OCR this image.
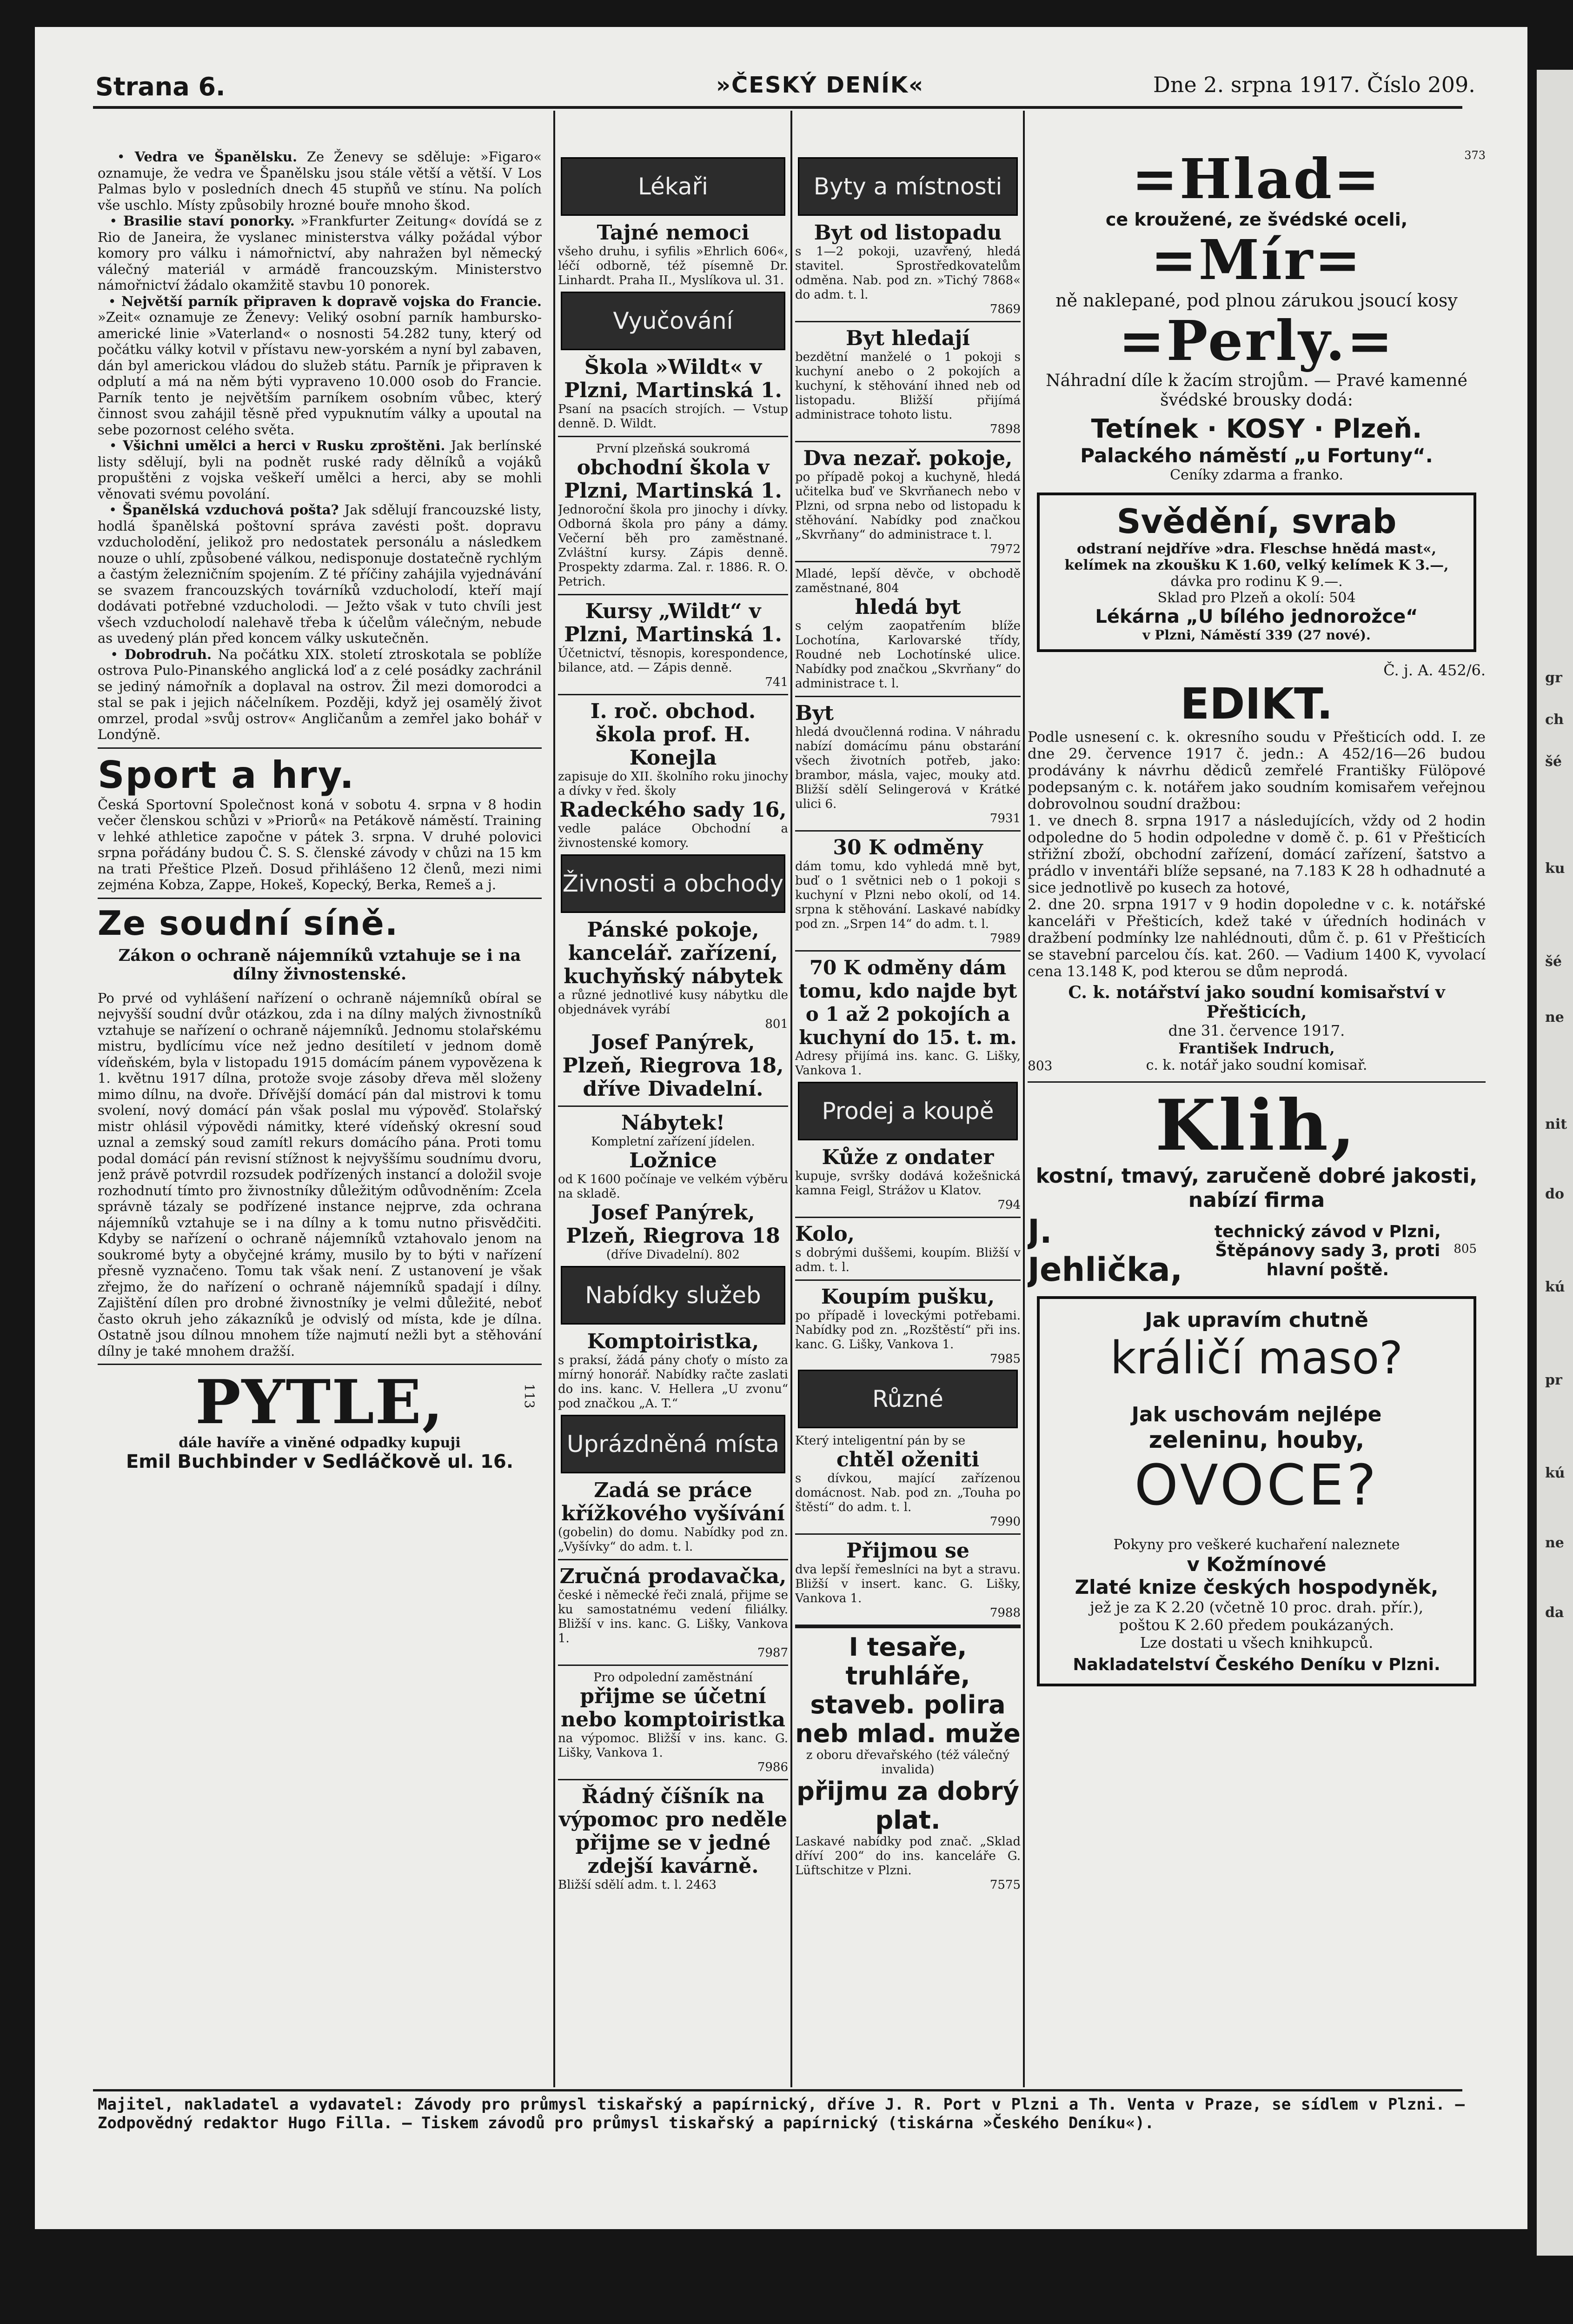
Strana 6.	»ČESKÝ DENÍK«	Dne 2. srpna 1917. Číslo 209.

• Vedra ve Španělsku. Ze Ženevy se sděluje: »Figaro« oznamuje, že vedra ve Španělsku jsou stále větší a větší. V Los Palmas bylo v posledních dnech 45 stupňů ve stínu. Na polích vše uschlo. Místy způsobily hrozné bouře mnoho škod.

• Brasilie staví ponorky. »Frankfurter Zeitung« dovídá se z Rio de Janeira, že vyslanec ministerstva války požádal výbor komory pro válku i námořnictví, aby nahražen byl německý válečný materiál v armádě francouzským. Ministerstvo námořnictví žádalo okamžitě stavbu 10 ponorek.

• Největší parník připraven k dopravě vojska do Francie. »Zeit« oznamuje ze Ženevy: Veliký osobní parník hambursko-americké linie »Vaterland« o nosnosti 54.282 tuny, který od počátku války kotvil v přístavu new-yorském a nyní byl zabaven, dán byl americkou vládou do služeb státu. Parník je připraven k odplutí a má na něm býti vypraveno 10.000 osob do Francie. Parník tento je největším parníkem osobním vůbec, který činnost svou zahájil těsně před vypuknutím války a upoutal na sebe pozornost celého světa.

• Všichni umělci a herci v Rusku zproštěni. Jak berlínské listy sdělují, byli na podnět ruské rady dělníků a vojáků propuštěni z vojska veškeří umělci a herci, aby se mohli věnovati svému povolání.

• Španělská vzduchová pošta? Jak sdělují francouzské listy, hodlá španělská poštovní správa zavésti pošt. dopravu vzducholodění, jelikož pro nedostatek personálu a následkem nouze o uhlí, způsobené válkou, nedisponuje dostatečně rychlým a častým železničním spojením. Z té příčiny zahájila vyjednávání se svazem francouzských továrníků vzducholodí, kteří mají dodávati potřebné vzducholodi. — Ježto však v tuto chvíli jest všech vzducholodí nalehavě třeba k účelům válečným, nebude as uvedený plán před koncem války uskutečněn.

• Dobrodruh. Na počátku XIX. století ztroskotala se poblíže ostrova Pulo-Pinanského anglická loď a z celé posádky zachránil se jediný námořník a doplaval na ostrov. Žil mezi domorodci a stal se pak i jejich náčelníkem. Později, když jej osamělý život omrzel, prodal »svůj ostrov« Angličanům a zemřel jako bohář v Londýně.

Sport a hry.

Česká Sportovní Společnost koná v sobotu 4. srpna v 8 hodin večer členskou schůzi v »Priorů« na Petákově náměstí. Training v lehké athletice započne v pátek 3. srpna. V druhé polovici srpna pořádány budou Č. S. S. členské závody v chůzi na 15 km na trati Přeštice Plzeň. Dosud přihlášeno 12 členů, mezi nimi zejména Kobza, Zappe, Hokeš, Kopecký, Berka, Remeš a j.

Ze soudní síně.

Zákon o ochraně nájemníků vztahuje se i na dílny živnostenské.

Po prvé od vyhlášení nařízení o ochraně nájemníků obíral se nejvyšší soudní dvůr otázkou, zda i na dílny malých živnostníků vztahuje se nařízení o ochraně nájemníků. Jednomu stolařskému mistru, bydlícímu více než jedno desítiletí v jednom domě vídeňském, byla v listopadu 1915 domácím pánem vypovězena k 1. květnu 1917 dílna, protože svoje zásoby dřeva měl složeny mimo dílnu, na dvoře. Dřívější domácí pán dal mistrovi k tomu svolení, nový domácí pán však poslal mu výpověď. Stolařský mistr ohlásil výpovědi námitky, které vídeňský okresní soud uznal a zemský soud zamítl rekurs domácího pána. Proti tomu podal domácí pán revisní stížnost k nejvyššímu soudnímu dvoru, jenž právě potvrdil rozsudek podřízených instancí a doložil svoje rozhodnutí tímto pro živnostníky důležitým odůvodněním: Zcela správně tázaly se podřízené instance nejprve, zda ochrana nájemníků vztahuje se i na dílny a k tomu nutno přisvědčiti. Kdyby se nařízení o ochraně nájemníků vztahovalo jenom na soukromé byty a obyčejné krámy, musilo by to býti v nařízení přesně vyznačeno. Tomu tak však není. Z ustanovení je však zřejmo, že do nařízení o ochraně nájemníků spadají i dílny. Zajištění dílen pro drobné živnostníky je velmi důležité, neboť často okruh jeho zákazníků je odvislý od místa, kde je dílna. Ostatně jsou dílnou mnohem tíže najmutí nežli byt a stěhování dílny je také mnohem dražší.

PYTLE,	113

dále havíře a viněné odpadky kupuji

Emil Buchbinder v Sedláčkově ul. 16.

Lékaři

Tajné nemoci

všeho druhu, i syfilis »Ehrlich 606«, léčí odborně, též písemně Dr. Linhardt. Praha II., Myslíkova ul. 31.

Vyučování

Škola »Wildt« v Plzni, Martinská 1.

Psaní na psacích strojích. — Vstup denně. D. Wildt.

První plzeňská soukromá

obchodní škola v Plzni, Martinská 1.

Jednoroční škola pro jinochy i dívky. Odborná škola pro pány a dámy. Večerní běh pro zaměstnané. Zvláštní kursy. Zápis denně. Prospekty zdarma. Zal. r. 1886. R. O. Petrich.

Kursy „Wildt“ v Plzni, Martinská 1.

Účetnictví, těsnopis, korespondence, bilance, atd. — Zápis denně.

741

I. roč. obchod. škola prof. H. Konejla

zapisuje do XII. školního roku jinochy a dívky v řed. školy

Radeckého sady 16,

vedle paláce Obchodní a živnostenské komory.

Živnosti a obchody

Pánské pokoje, kancelář. zařízení, kuchyňský nábytek

a různé jednotlivé kusy nábytku dle objednávek vyrábí

801

Josef Panýrek, Plzeň, Riegrova 18, dříve Divadelní.

Nábytek!

Kompletní zařízení jídelen.

Ložnice

od K 1600 počínaje ve velkém výběru na skladě.

Josef Panýrek, Plzeň, Riegrova 18

(dříve Divadelní). 802

Nabídky služeb

Komptoiristka,

s praksí, žádá pány choťy o místo za mírný honorář. Nabídky račte zaslati do ins. kanc. V. Hellera „U zvonu“ pod značkou „A. T.“

Uprázdněná místa

Zadá se práce křížkového vyšívání

(gobelin) do domu. Nabídky pod zn. „Vyšívky“ do adm. t. l.

Zručná prodavačka,

české i německé řeči znalá, přijme se ku samostatnému vedení filiálky. Bližší v ins. kanc. G. Lišky, Vankova 1.

7987

Pro odpolední zaměstnání

přijme se účetní nebo komptoiristka

na výpomoc. Bližší v ins. kanc. G. Lišky, Vankova 1.

7986

Řádný číšník na výpomoc pro neděle přijme se v jedné zdejší kavárně.

Bližší sdělí adm. t. l. 2463

Byty a místnosti

Byt od listopadu

s 1—2 pokoji, uzavřený, hledá stavitel. Sprostředkovatelům odměna. Nab. pod zn. »Tichý 7868« do adm. t. l.

7869

Byt hledají

bezdětní manželé o 1 pokoji s kuchyní anebo o 2 pokojích a kuchyní, k stěhování ihned neb od listopadu. Bližší přijímá administrace tohoto listu.

7898

Dva nezař. pokoje,

po případě pokoj a kuchyně, hledá učitelka buď ve Skvrňanech nebo v Plzni, od srpna nebo od listopadu k stěhování. Nabídky pod značkou „Skvrňany“ do administrace t. l.

7972

Mladé, lepší děvče, v obchodě zaměstnané, 804

hledá byt

s celým zaopatřením blíže Lochotína, Karlovarské třídy, Roudné neb Lochotínské ulice. Nabídky pod značkou „Skvrňany“ do administrace t. l.

Byt

hledá dvoučlenná rodina. V náhradu nabízí domácímu pánu obstarání všech životních potřeb, jako: brambor, másla, vajec, mouky atd. Bližší sdělí Selingerová v Krátké ulici 6.

7931

30 K odměny

dám tomu, kdo vyhledá mně byt, buď o 1 světnici neb o 1 pokoji s kuchyní v Plzni nebo okolí, od 14. srpna k stěhování. Laskavé nabídky pod zn. „Srpen 14“ do adm. t. l.

7989

70 K odměny dám tomu, kdo najde byt o 1 až 2 pokojích a kuchyní do 15. t. m.

Adresy přijímá ins. kanc. G. Lišky, Vankova 1.

Prodej a koupě

Kůže z ondater

kupuje, svršky dodává kožešnická kamna Feigl, Strážov u Klatov.

794

Kolo,

s dobrými duššemi, koupím. Bližší v adm. t. l.

Koupím pušku,

po případě i loveckými potřebami. Nabídky pod zn. „Rozštěstí“ při ins. kanc. G. Lišky, Vankova 1.

7985

Různé

Který inteligentní pán by se

chtěl oženiti

s dívkou, mající zařízenou domácnost. Nab. pod zn. „Touha po štěstí“ do adm. t. l.

7990

Přijmou se

dva lepší řemeslníci na byt a stravu. Bližší v insert. kanc. G. Lišky, Vankova 1.

7988

I tesaře, truhláře, staveb. polira neb mlad. muže

z oboru dřevařského (též válečný invalida)

přijmu za dobrý plat.

Laskavé nabídky pod znač. „Sklad dříví 200“ do ins. kanceláře G. Lüftschitze v Plzni.

7575

373

=Hlad=

ce kroužené, ze švédské oceli,

=Mír=

ně naklepané, pod plnou zárukou jsoucí kosy

=Perly.=

Náhradní díle k žacím strojům. — Pravé kamenné švédské brousky dodá:

Tetínek · KOSY · Plzeň.

Palackého náměstí „u Fortuny“.

Ceníky zdarma a franko.

Svědění, svrab

odstraní nejdříve »dra. Fleschse hnědá mast«,

kelímek na zkoušku K 1.60, velký kelímek K 3.—,

dávka pro rodinu K 9.—.

Sklad pro Plzeň a okolí: 504

Lékárna „U bílého jednorožce“

v Plzni, Náměstí 339 (27 nové).

Č. j. A. 452/6.

EDIKT.

Podle usnesení c. k. okresního soudu v Přešticích odd. I. ze dne 29. července 1917 č. jedn.: A 452/16—26 budou prodávány k návrhu dědiců zemřelé Františky Fülöpové podepsaným c. k. notářem jako soudním komisařem veřejnou dobrovolnou soudní dražbou:

1. ve dnech 8. srpna 1917 a následujících, vždy od 2 hodin odpoledne do 5 hodin odpoledne v domě č. p. 61 v Přešticích střižní zboží, obchodní zařízení, domácí zařízení, šatstvo a prádlo v inventáři blíže sepsané, na 7.183 K 28 h odhadnuté a sice jednotlivě po kusech za hotové,

2. dne 20. srpna 1917 v 9 hodin dopoledne v c. k. notářské kanceláři v Přešticích, kdež také v úředních hodinách v dražbení podmínky lze nahlédnouti, dům č. p. 61 v Přešticích se stavební parcelou čís. kat. 260. — Vadium 1400 K, vyvolací cena 13.148 K, pod kterou se dům neprodá.

C. k. notářství jako soudní komisařství v Přešticích,

dne 31. července 1917.

803

František Indruch,

c. k. notář jako soudní komisař.

Klih,

kostní, tmavý, zaručeně dobré jakosti, nabízí firma

J. Jehlička,

technický závod v Plzni, Štěpánovy sady 3, proti hlavní poště.

805

Jak upravím chutně

králičí maso?

Jak uschovám nejlépe

zeleninu, houby,

OVOCE?

Pokyny pro veškeré kuchaření naleznete

v Kožmínové

Zlaté knize českých hospodyněk,

jež je za K 2.20 (včetně 10 proc. drah. přír.),

poštou K 2.60 předem poukázaných.

Lze dostati u všech knihkupců.

Nakladatelství Českého Deníku v Plzni.

Majitel, nakladatel a vydavatel: Závody pro průmysl tiskařský a papírnický, dříve J. R. Port v Plzni a Th. Venta v Praze, se sídlem v Plzni. — Zodpovědný redaktor Hugo Filla. — Tiskem závodů pro průmysl tiskařský a papírnický (tiskárna »Českého Deníku«).
gr
ch
šé
ku
šé
ne
nit
do
kú
pr
kú
ne
da
